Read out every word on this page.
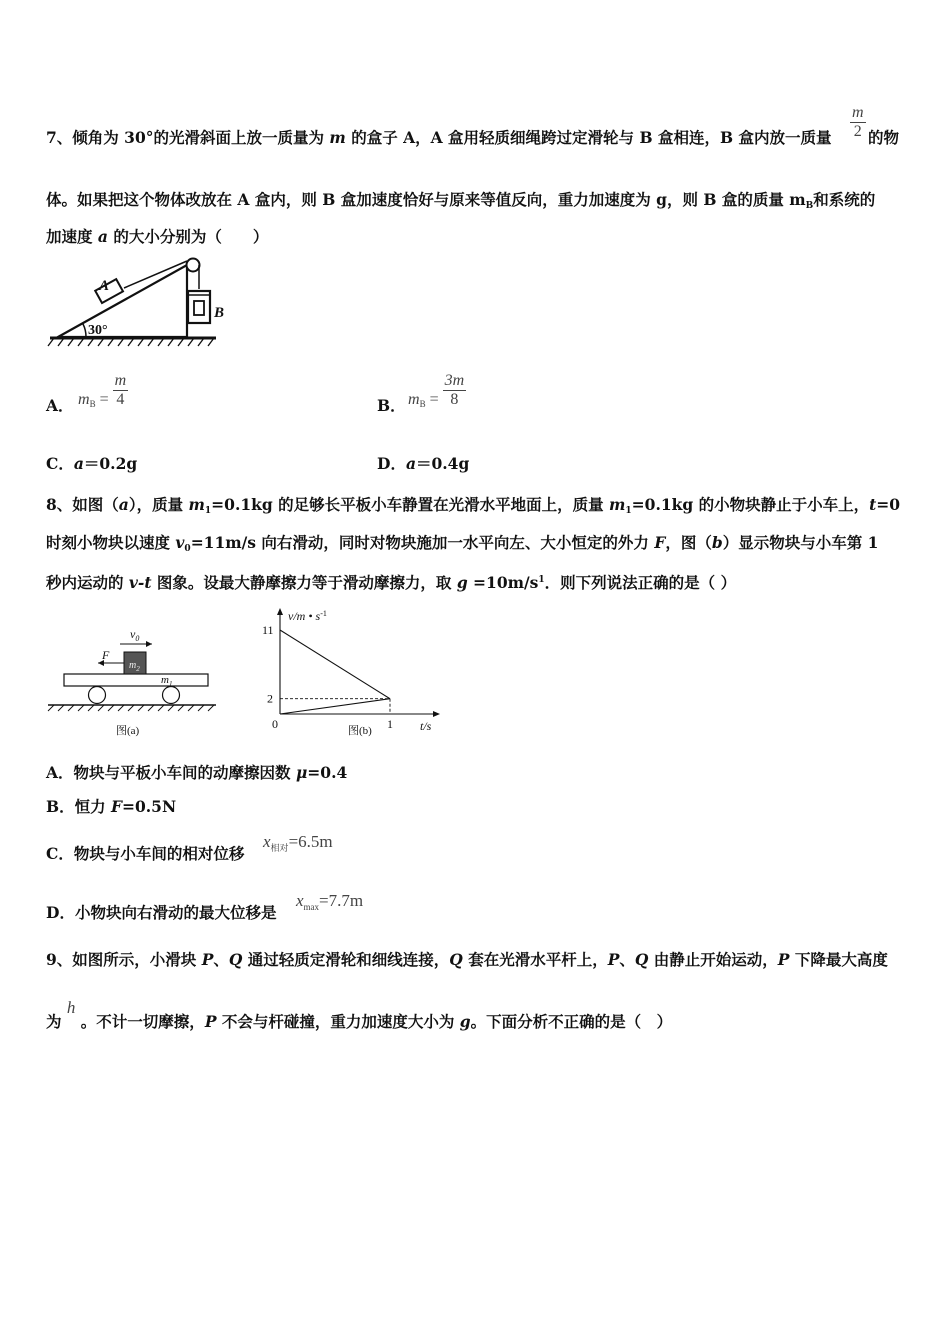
7、倾角为 30°的光滑斜面上放一质量为 m 的盒子 A，A 盒用轻质细绳跨过定滑轮与 B 盒相连，B 盒内放一质量 $\frac{m}{2}$ 的物
体。如果把这个物体改放在 A 盒内，则 B 盒加速度恰好与原来等值反向，重力加速度为 g，则 B 盒的质量 $m_B$和系统的
加速度 a 的大小分别为（　　）
30°
A
B
A． $m_B = \frac{m}{4}$	B． $m_B = \frac{3m}{8}$
C．a＝0.2g	D．a＝0.4g
8、如图（a），质量 $m_1=0.1kg$ 的足够长平板小车静置在光滑水平地面上，质量 $m_1=0.1kg$ 的小物块静止于小车上，t=0
时刻小物块以速度 $v_0=11m/s$ 向右滑动，同时对物块施加一水平向左、大小恒定的外力 F，图（b）显示物块与小车第 1
秒内运动的 v-t 图象。设最大静摩擦力等于滑动摩擦力，取 $g =10m/s^1$．则下列说法正确的是（ ）
$m_2$
$m_1$
$v_0$
F
图(a)
v/m • $s^{-1}$
t/s
11
2
0	1
图(b)
A．物块与平板小车间的动摩擦因数 μ=0.4
B．恒力 F=0.5N
C．物块与小车间的相对位移
$x_{相对}=6.5m$
D．小物块向右滑动的最大位移是
$x_{max}=7.7m$
9、如图所示，小滑块 P、Q 通过轻质定滑轮和细线连接，Q 套在光滑水平杆上，P、Q 由静止开始运动，P 下降最大高度
为 h 。不计一切摩擦，P 不会与杆碰撞，重力加速度大小为 g。下面分析不正确的是（　）
